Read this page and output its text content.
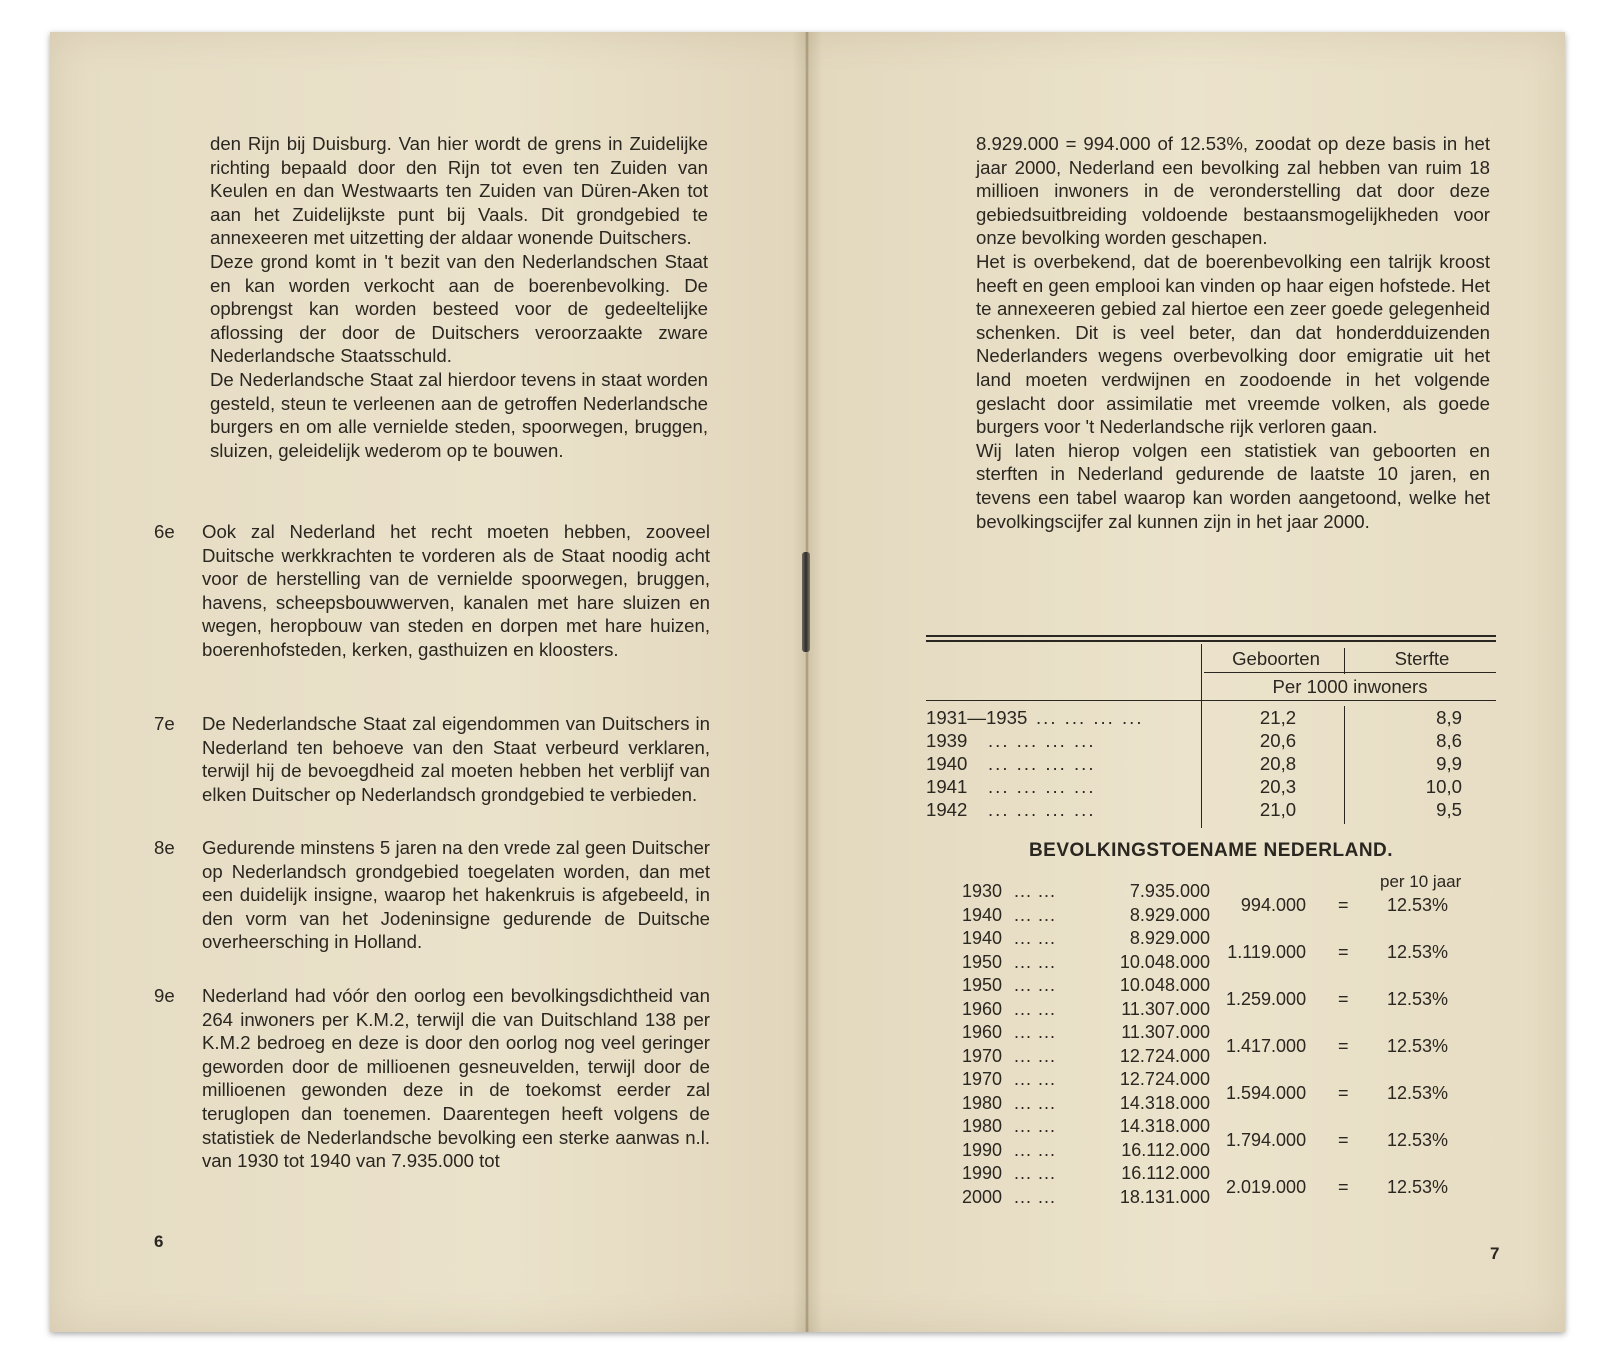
den Rijn bij Duisburg. Van hier wordt de grens in Zuidelijke richting bepaald door den Rijn tot even ten Zuiden van Keulen en dan Westwaarts ten Zuiden van Düren-Aken tot aan het Zuidelijkste punt bij Vaals. Dit grondgebied te annexeeren met uitzetting der aldaar wonende Duitschers.

Deze grond komt in 't bezit van den Nederlandschen Staat en kan worden verkocht aan de boerenbevolking. De opbrengst kan worden besteed voor de gedeeltelijke aflossing der door de Duitschers veroorzaakte zware Nederlandsche Staatsschuld.

De Nederlandsche Staat zal hierdoor tevens in staat worden gesteld, steun te verleenen aan de getroffen Nederlandsche burgers en om alle vernielde steden, spoorwegen, bruggen, sluizen, geleidelijk wederom op te bouwen.

6e	Ook zal Nederland het recht moeten hebben, zooveel Duitsche werkkrachten te vorderen als de Staat noodig acht voor de herstelling van de vernielde spoorwegen, bruggen, havens, scheepsbouwwerven, kanalen met hare sluizen en wegen, heropbouw van steden en dorpen met hare huizen, boerenhofsteden, kerken, gasthuizen en kloosters.
7e	De Nederlandsche Staat zal eigendommen van Duitschers in Nederland ten behoeve van den Staat verbeurd verklaren, terwijl hij de bevoegdheid zal moeten hebben het verblijf van elken Duitscher op Nederlandsch grondgebied te verbieden.
8e	Gedurende minstens 5 jaren na den vrede zal geen Duitscher op Nederlandsch grondgebied toegelaten worden, dan met een duidelijk insigne, waarop het hakenkruis is afgebeeld, in den vorm van het Jodeninsigne gedurende de Duitsche overheersching in Holland.
9e	Nederland had vóór den oorlog een bevolkingsdichtheid van 264 inwoners per K.M.2, terwijl die van Duitschland 138 per K.M.2 bedroeg en deze is door den oorlog nog veel geringer geworden door de millioenen gesneuvelden, terwijl door de millioenen gewonden deze in de toekomst eerder zal teruglopen dan toenemen. Daarentegen heeft volgens de statistiek de Nederlandsche bevolking een sterke aanwas n.l. van 1930 tot 1940 van 7.935.000 tot
6

8.929.000 = 994.000 of 12.53%, zoodat op deze basis in het jaar 2000, Nederland een bevolking zal hebben van ruim 18 millioen inwoners in de veronderstelling dat door deze gebiedsuitbreiding voldoende bestaansmogelijkheden voor onze bevolking worden geschapen.

Het is overbekend, dat de boerenbevolking een talrijk kroost heeft en geen emplooi kan vinden op haar eigen hofstede. Het te annexeeren gebied zal hiertoe een zeer goede gelegenheid schenken. Dit is veel beter, dan dat honderdduizenden Nederlanders wegens overbevolking door emigratie uit het land moeten verdwijnen en zoodoende in het volgende geslacht door assimilatie met vreemde volken, als goede burgers voor 't Nederlandsche rijk verloren gaan.

Wij laten hierop volgen een statistiek van geboorten en sterften in Nederland gedurende de laatste 10 jaren, en tevens een tabel waarop kan worden aangetoond, welke het bevolkingscijfer zal kunnen zijn in het jaar 2000.

Geboorten	Sterfte
Per 1000 inwoners
1931—1935 ... ... ... ...	21,2	8,9
1939 ... ... ... ...	20,6	8,6
1940 ... ... ... ...	20,8	9,9
1941 ... ... ... ...	20,3	10,0
1942 ... ... ... ...	21,0	9,5
BEVOLKINGSTOENAME NEDERLAND.
per 10 jaar
1930 ... ...	7.935.000
1940 ... ...	8.929.000	994.000 =	12.53%
1940 ... ...	8.929.000
1950 ... ...	10.048.000 1.119.000 =	12.53%
1950 ... ...	10.048.000
1960 ... ...	11.307.000 1.259.000 =	12.53%
1960 ... ...	11.307.000
1970 ... ...	12.724.000 1.417.000 =	12.53%
1970 ... ...	12.724.000
1980 ... ...	14.318.000 1.594.000 =	12.53%
1980 ... ...	14.318.000
1990 ... ...	16.112.000 1.794.000 =	12.53%
1990 ... ...	16.112.000
2000 ... ...	18.131.000 2.019.000 =	12.53%
7
